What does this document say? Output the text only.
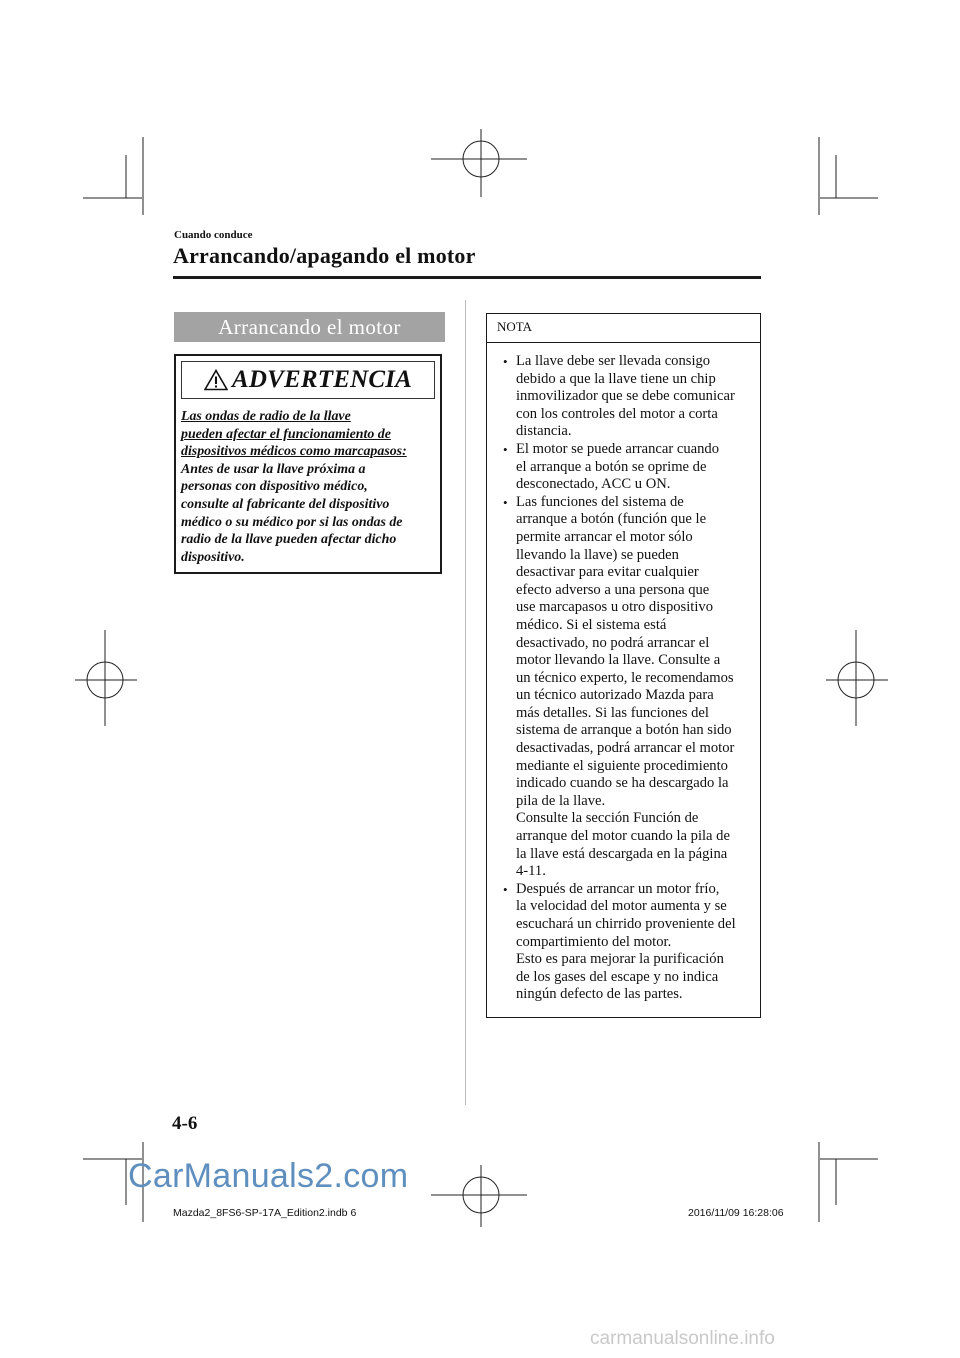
Cuando conduce
Arrancando/apagando el motor
Arrancando el motor
ADVERTENCIA
Las ondas de radio de la llave
pueden afectar el funcionamiento de
dispositivos médicos como marcapasos:
Antes de usar la llave próxima a
personas con dispositivo médico,
consulte al fabricante del dispositivo
médico o su médico por si las ondas de
radio de la llave pueden afectar dicho
dispositivo.
NOTA
• La llave debe ser llevada consigo
debido a que la llave tiene un chip
inmovilizador que se debe comunicar
con los controles del motor a corta
distancia.
• El motor se puede arrancar cuando
el arranque a botón se oprime de
desconectado, ACC u ON.
• Las funciones del sistema de
arranque a botón (función que le
permite arrancar el motor sólo
llevando la llave) se pueden
desactivar para evitar cualquier
efecto adverso a una persona que
use marcapasos u otro dispositivo
médico. Si el sistema está
desactivado, no podrá arrancar el
motor llevando la llave. Consulte a
un técnico experto, le recomendamos
un técnico autorizado Mazda para
más detalles. Si las funciones del
sistema de arranque a botón han sido
desactivadas, podrá arrancar el motor
mediante el siguiente procedimiento
indicado cuando se ha descargado la
pila de la llave.
Consulte la sección Función de
arranque del motor cuando la pila de
la llave está descargada en la página
4-11.
• Después de arrancar un motor frío,
la velocidad del motor aumenta y se
escuchará un chirrido proveniente del
compartimiento del motor.
Esto es para mejorar la purificación
de los gases del escape y no indica
ningún defecto de las partes.
4-6
CarManuals2.com
Mazda2_8FS6-SP-17A_Edition2.indb 6	2016/11/09 16:28:06
carmanualsonline.info
